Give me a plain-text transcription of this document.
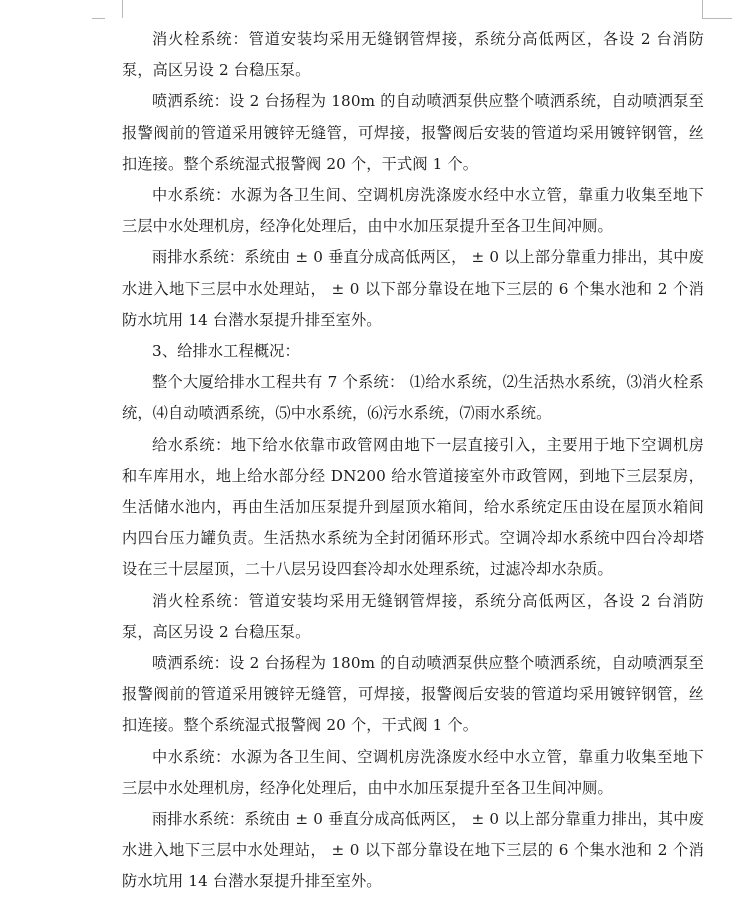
消火栓系统：管道安装均采用无缝钢管焊接，系统分高低两区，各设 2 台消防泵，高区另设 2 台稳压泵。

喷洒系统：设 2 台扬程为 180m 的自动喷洒泵供应整个喷洒系统，自动喷洒泵至报警阀前的管道采用镀锌无缝管，可焊接，报警阀后安装的管道均采用镀锌钢管，丝扣连接。整个系统湿式报警阀 20 个，干式阀 1 个。

中水系统：水源为各卫生间、空调机房洗涤废水经中水立管，靠重力收集至地下三层中水处理机房，经净化处理后，由中水加压泵提升至各卫生间冲厕。

雨排水系统：系统由 ± 0 垂直分成高低两区， ± 0 以上部分靠重力排出，其中废水进入地下三层中水处理站， ± 0 以下部分靠设在地下三层的 6 个集水池和 2 个消防水坑用 14 台潜水泵提升排至室外。

3、给排水工程概况：

整个大厦给排水工程共有 7 个系统： ⑴给水系统，⑵生活热水系统，⑶消火栓系统，⑷自动喷洒系统，⑸中水系统，⑹污水系统，⑺雨水系统。

给水系统：地下给水依靠市政管网由地下一层直接引入，主要用于地下空调机房和车库用水，地上给水部分经 DN200 给水管道接室外市政管网，到地下三层泵房，生活储水池内，再由生活加压泵提升到屋顶水箱间，给水系统定压由设在屋顶水箱间内四台压力罐负责。生活热水系统为全封闭循环形式。空调冷却水系统中四台冷却塔设在三十层屋顶，二十八层另设四套冷却水处理系统，过滤冷却水杂质。

消火栓系统：管道安装均采用无缝钢管焊接，系统分高低两区，各设 2 台消防泵，高区另设 2 台稳压泵。

喷洒系统：设 2 台扬程为 180m 的自动喷洒泵供应整个喷洒系统，自动喷洒泵至报警阀前的管道采用镀锌无缝管，可焊接，报警阀后安装的管道均采用镀锌钢管，丝扣连接。整个系统湿式报警阀 20 个，干式阀 1 个。

中水系统：水源为各卫生间、空调机房洗涤废水经中水立管，靠重力收集至地下三层中水处理机房，经净化处理后，由中水加压泵提升至各卫生间冲厕。

雨排水系统：系统由 ± 0 垂直分成高低两区， ± 0 以上部分靠重力排出，其中废水进入地下三层中水处理站， ± 0 以下部分靠设在地下三层的 6 个集水池和 2 个消防水坑用 14 台潜水泵提升排至室外。
